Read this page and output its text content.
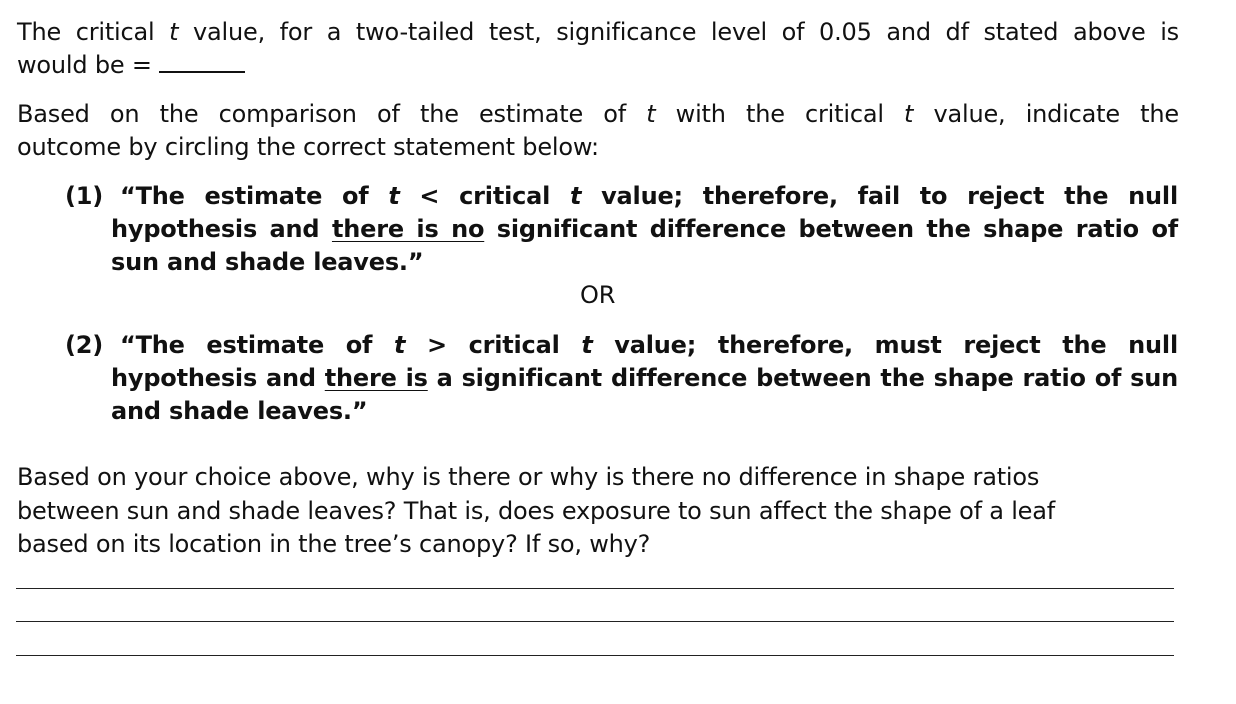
The critical t value, for a two-tailed test, significance level of 0.05 and df stated above is
would be =
Based on the comparison of the estimate of t with the critical t value, indicate the
outcome by circling the correct statement below:
(1) “The estimate of t < critical t value; therefore, fail to reject the null
hypothesis and there is no significant difference between the shape ratio of
sun and shade leaves.”
OR
(2) “The estimate of t > critical t value; therefore, must reject the null
hypothesis and there is a significant difference between the shape ratio of sun
and shade leaves.”
Based on your choice above, why is there or why is there no difference in shape ratios
between sun and shade leaves? That is, does exposure to sun affect the shape of a leaf
based on its location in the tree’s canopy? If so, why?
